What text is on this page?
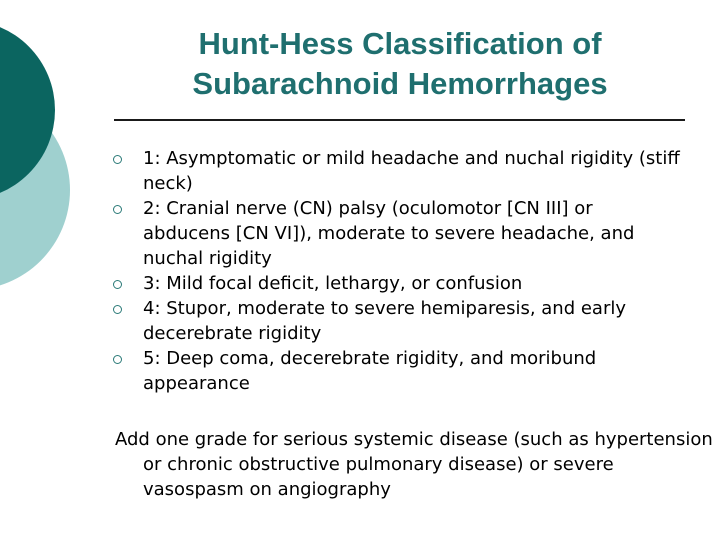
Hunt-Hess Classification of
Subarachnoid Hemorrhages
1: Asymptomatic or mild headache and nuchal rigidity (stiff neck)
2: Cranial nerve (CN) palsy (oculomotor [CN III] or abducens [CN VI]), moderate to severe headache, and nuchal rigidity
3: Mild focal deficit, lethargy, or confusion
4: Stupor, moderate to severe hemiparesis, and early decerebrate rigidity
5: Deep coma, decerebrate rigidity, and moribund appearance
Add one grade for serious systemic disease (such as hypertension or chronic obstructive pulmonary disease) or severe vasospasm on angiography
